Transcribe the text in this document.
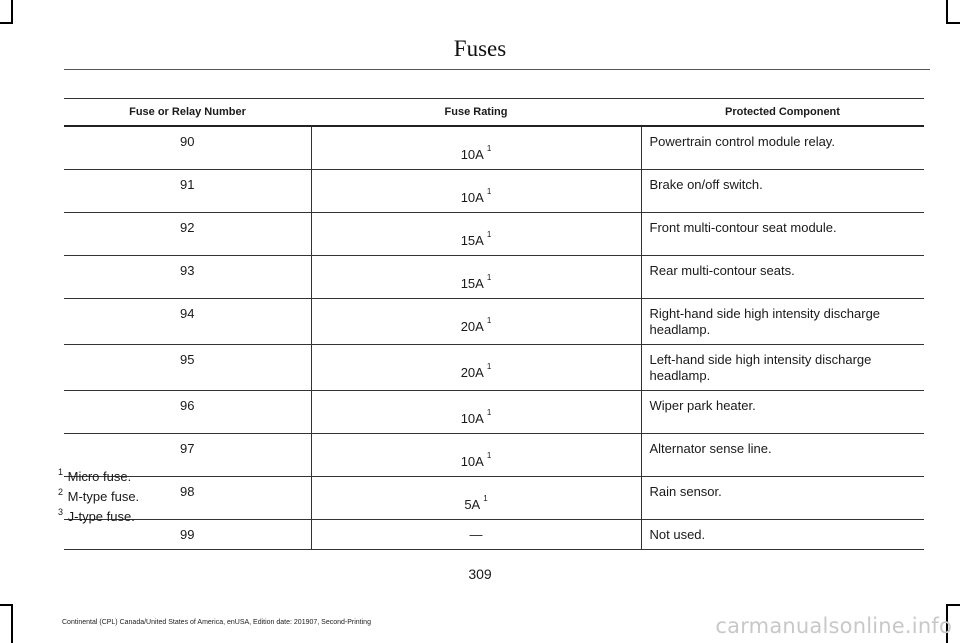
Fuses
Fuse or Relay Number	Fuse Rating	Protected Component
90	10A $^1$	Powertrain control module relay.
91	10A $^1$	Brake on/off switch.
92	15A $^1$	Front multi-contour seat module.
93	15A $^1$	Rear multi-contour seats.
94	20A $^1$	Right-hand side high intensity discharge headlamp.
95	20A $^1$	Left-hand side high intensity discharge headlamp.
96	10A $^1$	Wiper park heater.
97	10A $^1$	Alternator sense line.
98	5A $^1$	Rain sensor.
99	—	Not used.
$^1$ Micro fuse.
$^2$ M-type fuse.
$^3$ J-type fuse.
309
Continental (CPL) Canada/United States of America, enUSA, Edition date: 201907, Second-Printing	carmanualsonline.info
